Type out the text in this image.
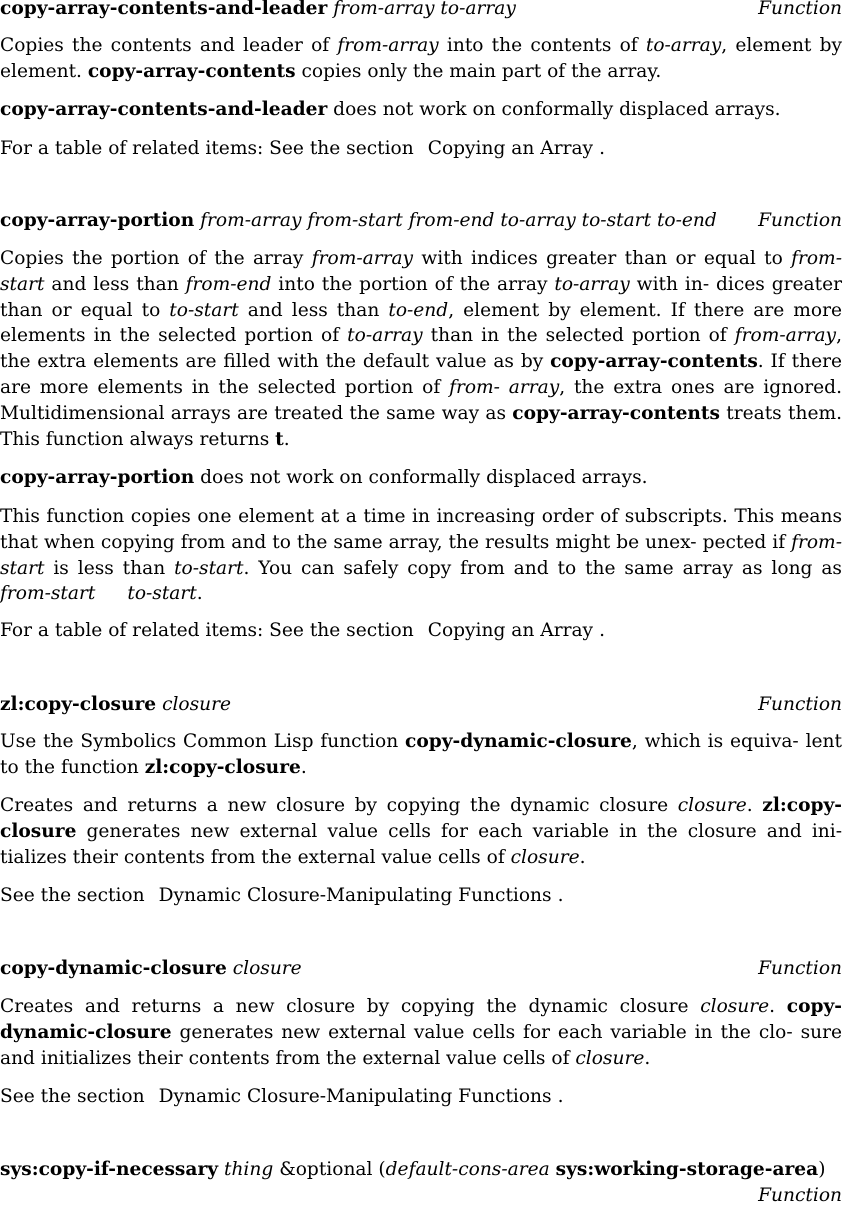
copy-array-contents-and-leader from-array to-array	Function
Copies the contents and leader of from-array into the contents of to-array, element by element. copy-array-contents copies only the main part of the array.
copy-array-contents-and-leader does not work on conformally displaced arrays.
For a table of related items: See the section Copying an Array .
copy-array-portion from-array from-start from-end to-array to-start to-end Function
Copies the portion of the array from-array with indices greater than or equal to from-start and less than from-end into the portion of the array to-array with in- dices greater than or equal to to-start and less than to-end, element by element. If there are more elements in the selected portion of to-array than in the selected portion of from-array, the extra elements are filled with the default value as by copy-array-contents. If there are more elements in the selected portion of from- array, the extra ones are ignored. Multidimensional arrays are treated the same way as copy-array-contents treats them. This function always returns t.
copy-array-portion does not work on conformally displaced arrays.
This function copies one element at a time in increasing order of subscripts. This means that when copying from and to the same array, the results might be unex- pected if from-start is less than to-start. You can safely copy from and to the same array as long as from-start to-start.
For a table of related items: See the section Copying an Array .
zl:copy-closure closure	Function
Use the Symbolics Common Lisp function copy-dynamic-closure, which is equiva- lent to the function zl:copy-closure.
Creates and returns a new closure by copying the dynamic closure closure. zl:copy- closure generates new external value cells for each variable in the closure and ini- tializes their contents from the external value cells of closure.
See the section Dynamic Closure-Manipulating Functions .
copy-dynamic-closure closure	Function
Creates and returns a new closure by copying the dynamic closure closure. copy- dynamic-closure generates new external value cells for each variable in the clo- sure and initializes their contents from the external value cells of closure.
See the section Dynamic Closure-Manipulating Functions .
sys:copy-if-necessary thing &optional (default-cons-area sys:working-storage-area)
Function
